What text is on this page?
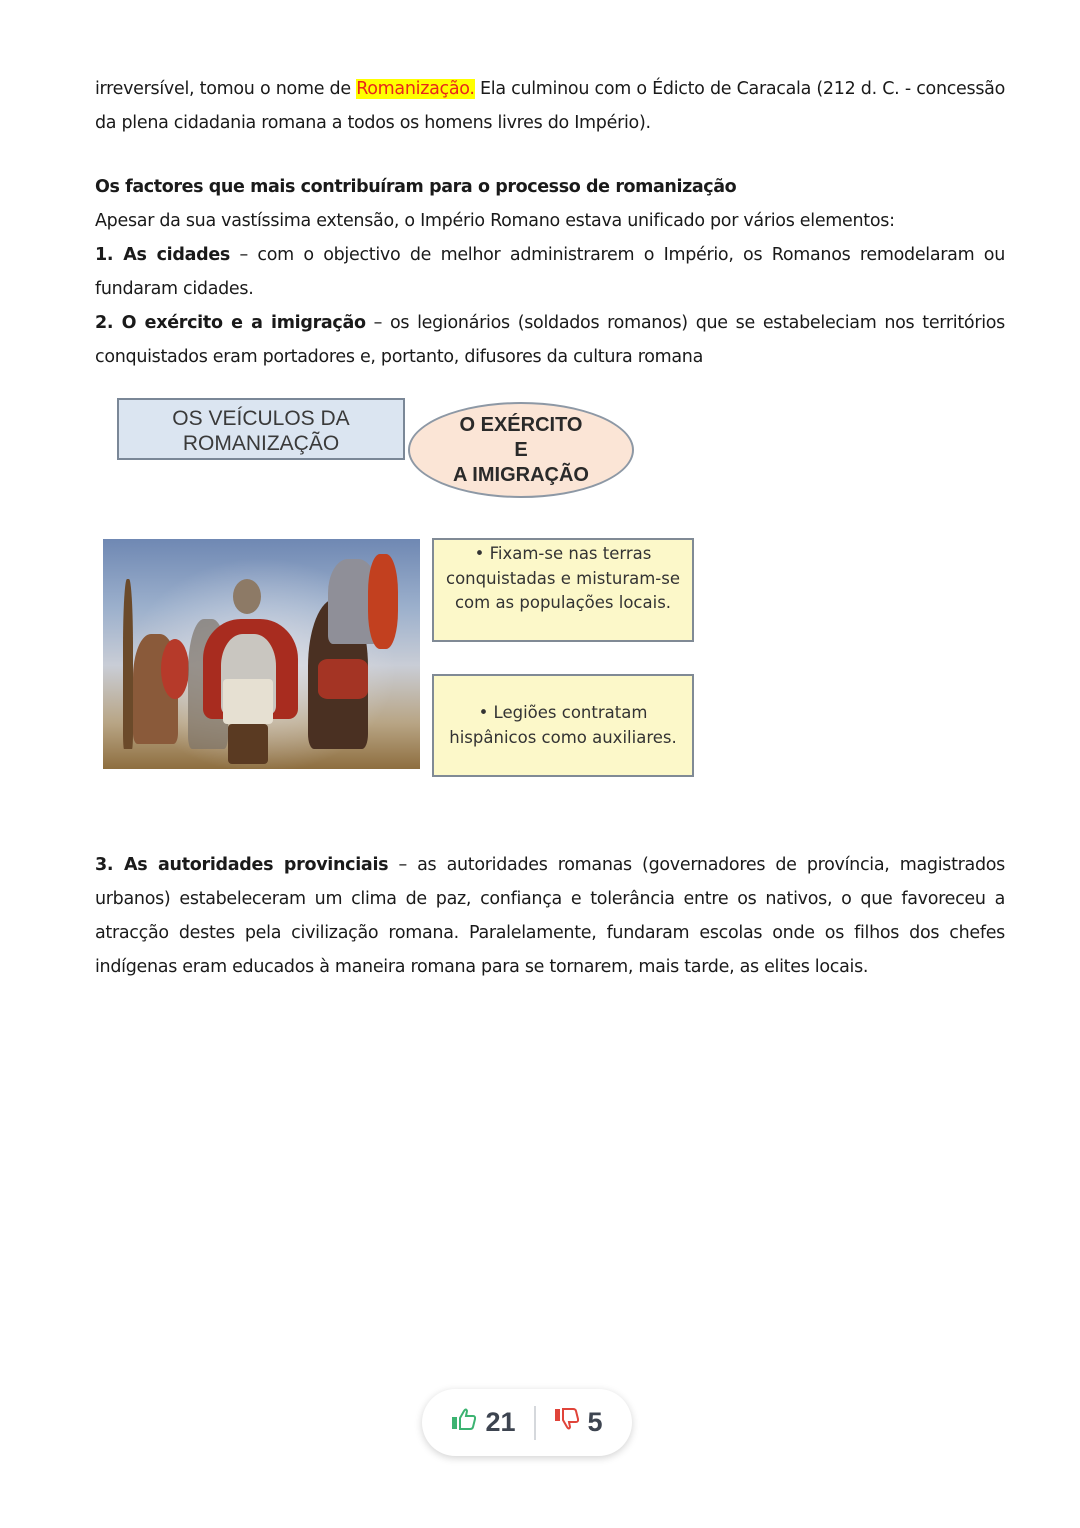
irreversível, tomou o nome de Romanização. Ela culminou com o Édicto de Caracala (212 d. C. - concessão da plena cidadania romana a todos os homens livres do Império).

Os factores que mais contribuíram para o processo de romanização

Apesar da sua vastíssima extensão, o Império Romano estava unificado por vários elementos:

1. As cidades – com o objectivo de melhor administrarem o Império, os Romanos remodelaram ou fundaram cidades.

2. O exército e a imigração – os legionários (soldados romanos) que se estabeleciam nos territórios conquistados eram portadores e, portanto, difusores da cultura romana

OS VEÍCULOS DA
ROMANIZAÇÃO
O EXÉRCITO
E
A IMIGRAÇÃO
• Fixam-se nas terras conquistadas e misturam-se com as populações locais.
• Legiões contratam hispânicos como auxiliares.

3. As autoridades provinciais – as autoridades romanas (governadores de província, magistrados urbanos) estabeleceram um clima de paz, confiança e tolerância entre os nativos, o que favoreceu a atracção destes pela civilização romana. Paralelamente, fundaram escolas onde os filhos dos chefes indígenas eram educados à maneira romana para se tornarem, mais tarde, as elites locais.

21	5
